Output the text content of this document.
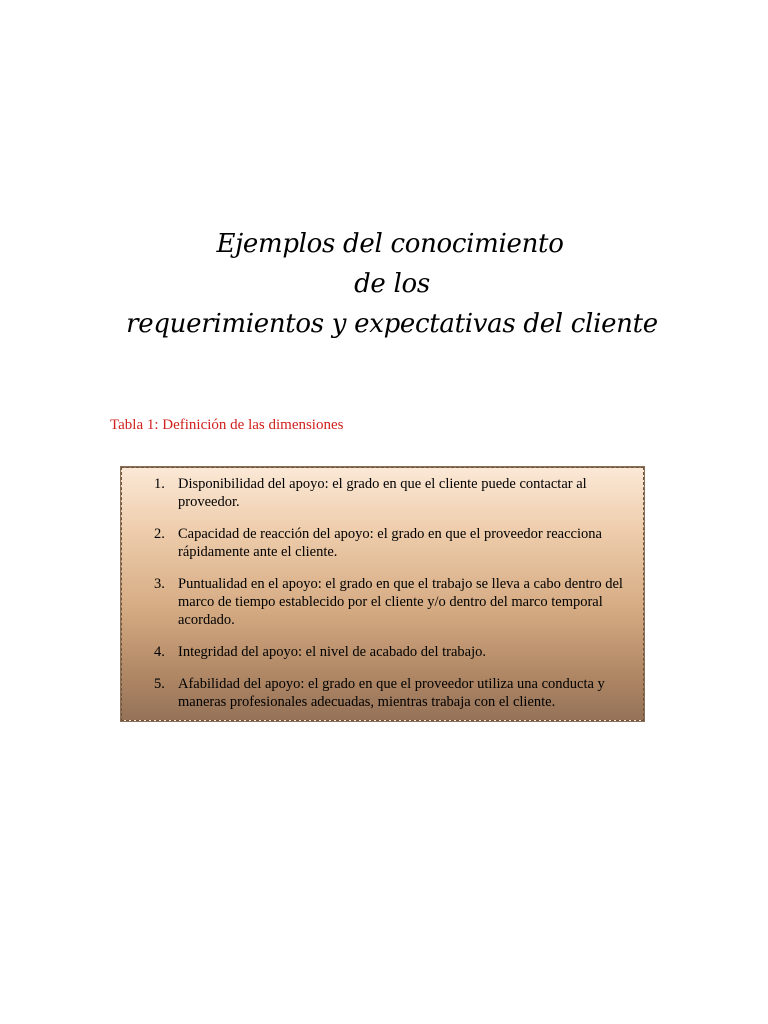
Ejemplos del conocimiento
de los
requerimientos y expectativas del cliente
Tabla 1: Definición de las dimensiones
1. Disponibilidad del apoyo: el grado en que el cliente puede contactar al proveedor.
2. Capacidad de reacción del apoyo: el grado en que el proveedor reacciona rápidamente ante el cliente.
3. Puntualidad en el apoyo: el grado en que el trabajo se lleva a cabo dentro del marco de tiempo establecido por el cliente y/o dentro del marco temporal acordado.
4. Integridad del apoyo: el nivel de acabado del trabajo.
5. Afabilidad del apoyo: el grado en que el proveedor utiliza una conducta y maneras profesionales adecuadas, mientras trabaja con el cliente.
